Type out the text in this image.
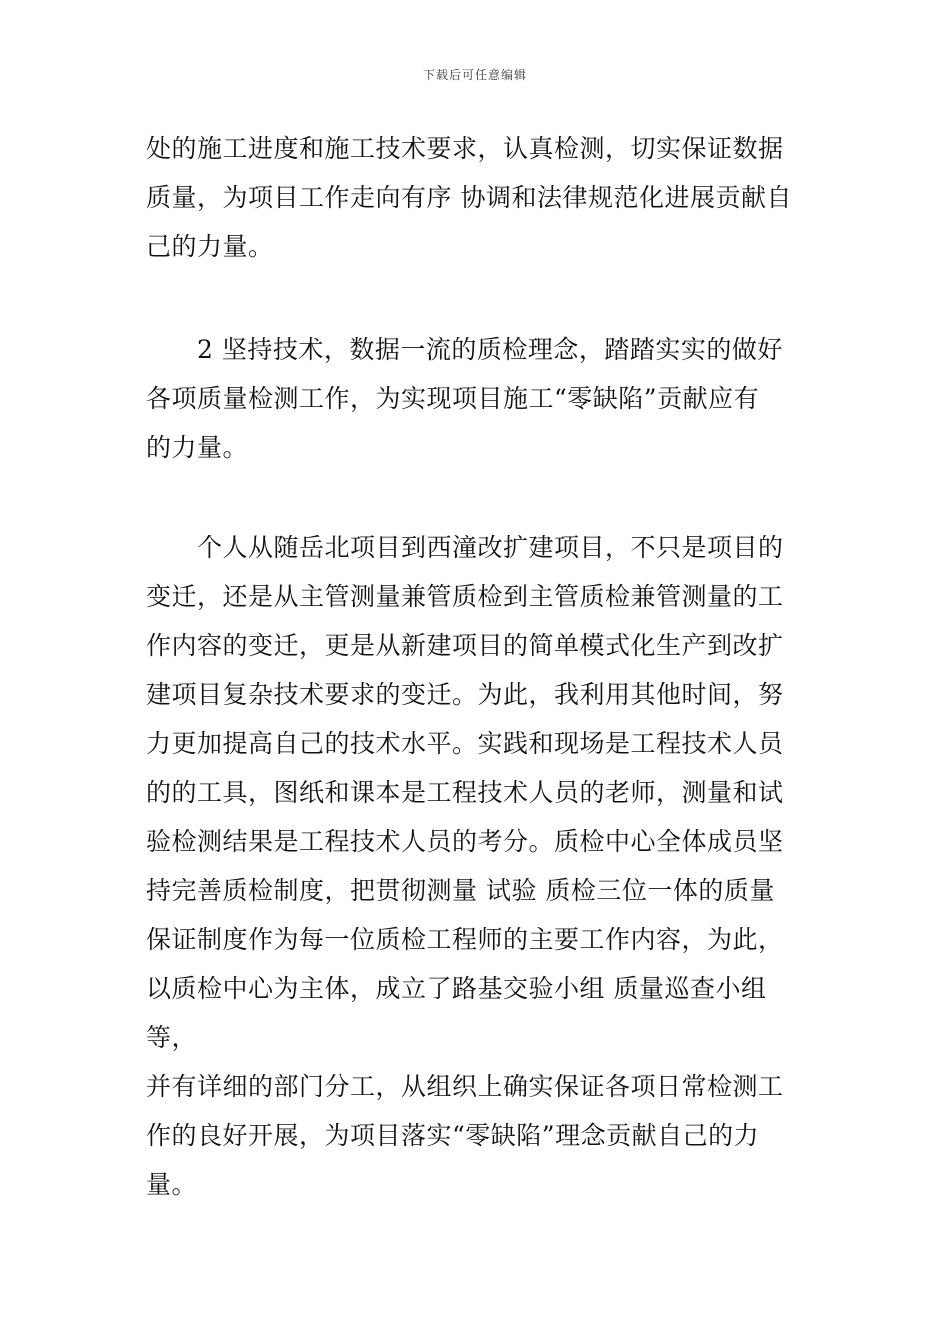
下载后可任意编辑

处的施工进度和施工技术要求，认真检测，切实保证数据
质量，为项目工作走向有序 协调和法律规范化进展贡献自
己的力量。

　　2 坚持技术，数据一流的质检理念，踏踏实实的做好
各项质量检测工作，为实现项目施工“零缺陷”贡献应有
的力量。

　　个人从随岳北项目到西潼改扩建项目，不只是项目的
变迁，还是从主管测量兼管质检到主管质检兼管测量的工
作内容的变迁，更是从新建项目的简单模式化生产到改扩
建项目复杂技术要求的变迁。为此，我利用其他时间，努
力更加提高自己的技术水平。实践和现场是工程技术人员
的的工具，图纸和课本是工程技术人员的老师，测量和试
验检测结果是工程技术人员的考分。质检中心全体成员坚
持完善质检制度，把贯彻测量 试验 质检三位一体的质量
保证制度作为每一位质检工程师的主要工作内容，为此，
以质检中心为主体，成立了路基交验小组 质量巡查小组等，
并有详细的部门分工，从组织上确实保证各项日常检测工
作的良好开展，为项目落实“零缺陷”理念贡献自己的力
量。
